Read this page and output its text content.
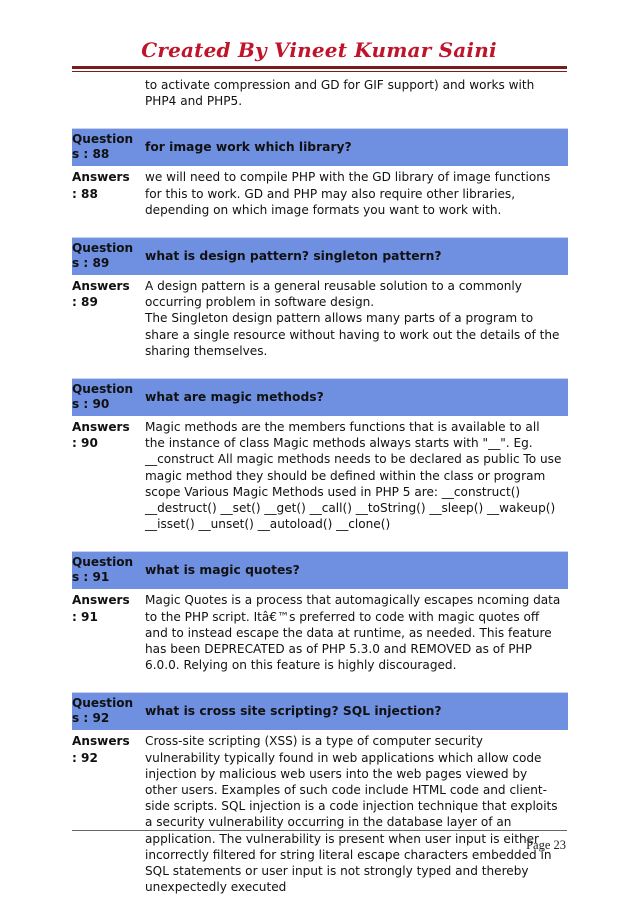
Created By Vineet Kumar Saini
to activate compression and GD for GIF support) and works with PHP4 and PHP5.
Question
s : 88
for image work which library?
Answers
: 88

we will need to compile PHP with the GD library of image functions for this to work. GD and PHP may also require other libraries, depending on which image formats you want to work with.

Question
s : 89
what is design pattern? singleton pattern?
Answers
: 89

A design pattern is a general reusable solution to a commonly occurring problem in software design.

The Singleton design pattern allows many parts of a program to share a single resource without having to work out the details of the sharing themselves.

Question
s : 90
what are magic methods?
Answers
: 90

Magic methods are the members functions that is available to all the instance of class Magic methods always starts with "__". Eg. __construct All magic methods needs to be declared as public To use magic method they should be defined within the class or program scope Various Magic Methods used in PHP 5 are: __construct() __destruct() __set() __get() __call() __toString() __sleep() __wakeup() __isset() __unset() __autoload() __clone()

Question
s : 91
what is magic quotes?
Answers
: 91

Magic Quotes is a process that automagically escapes ncoming data to the PHP script. Itâ€™s preferred to code with magic quotes off and to instead escape the data at runtime, as needed. This feature has been DEPRECATED as of PHP 5.3.0 and REMOVED as of PHP 6.0.0. Relying on this feature is highly discouraged.

Question
s : 92
what is cross site scripting? SQL injection?
Answers
: 92

Cross-site scripting (XSS) is a type of computer security vulnerability typically found in web applications which allow code injection by malicious web users into the web pages viewed by other users. Examples of such code include HTML code and client-side scripts. SQL injection is a code injection technique that exploits a security vulnerability occurring in the database layer of an application. The vulnerability is present when user input is either incorrectly filtered for string literal escape characters embedded in SQL statements or user input is not strongly typed and thereby unexpectedly executed

Page 23
